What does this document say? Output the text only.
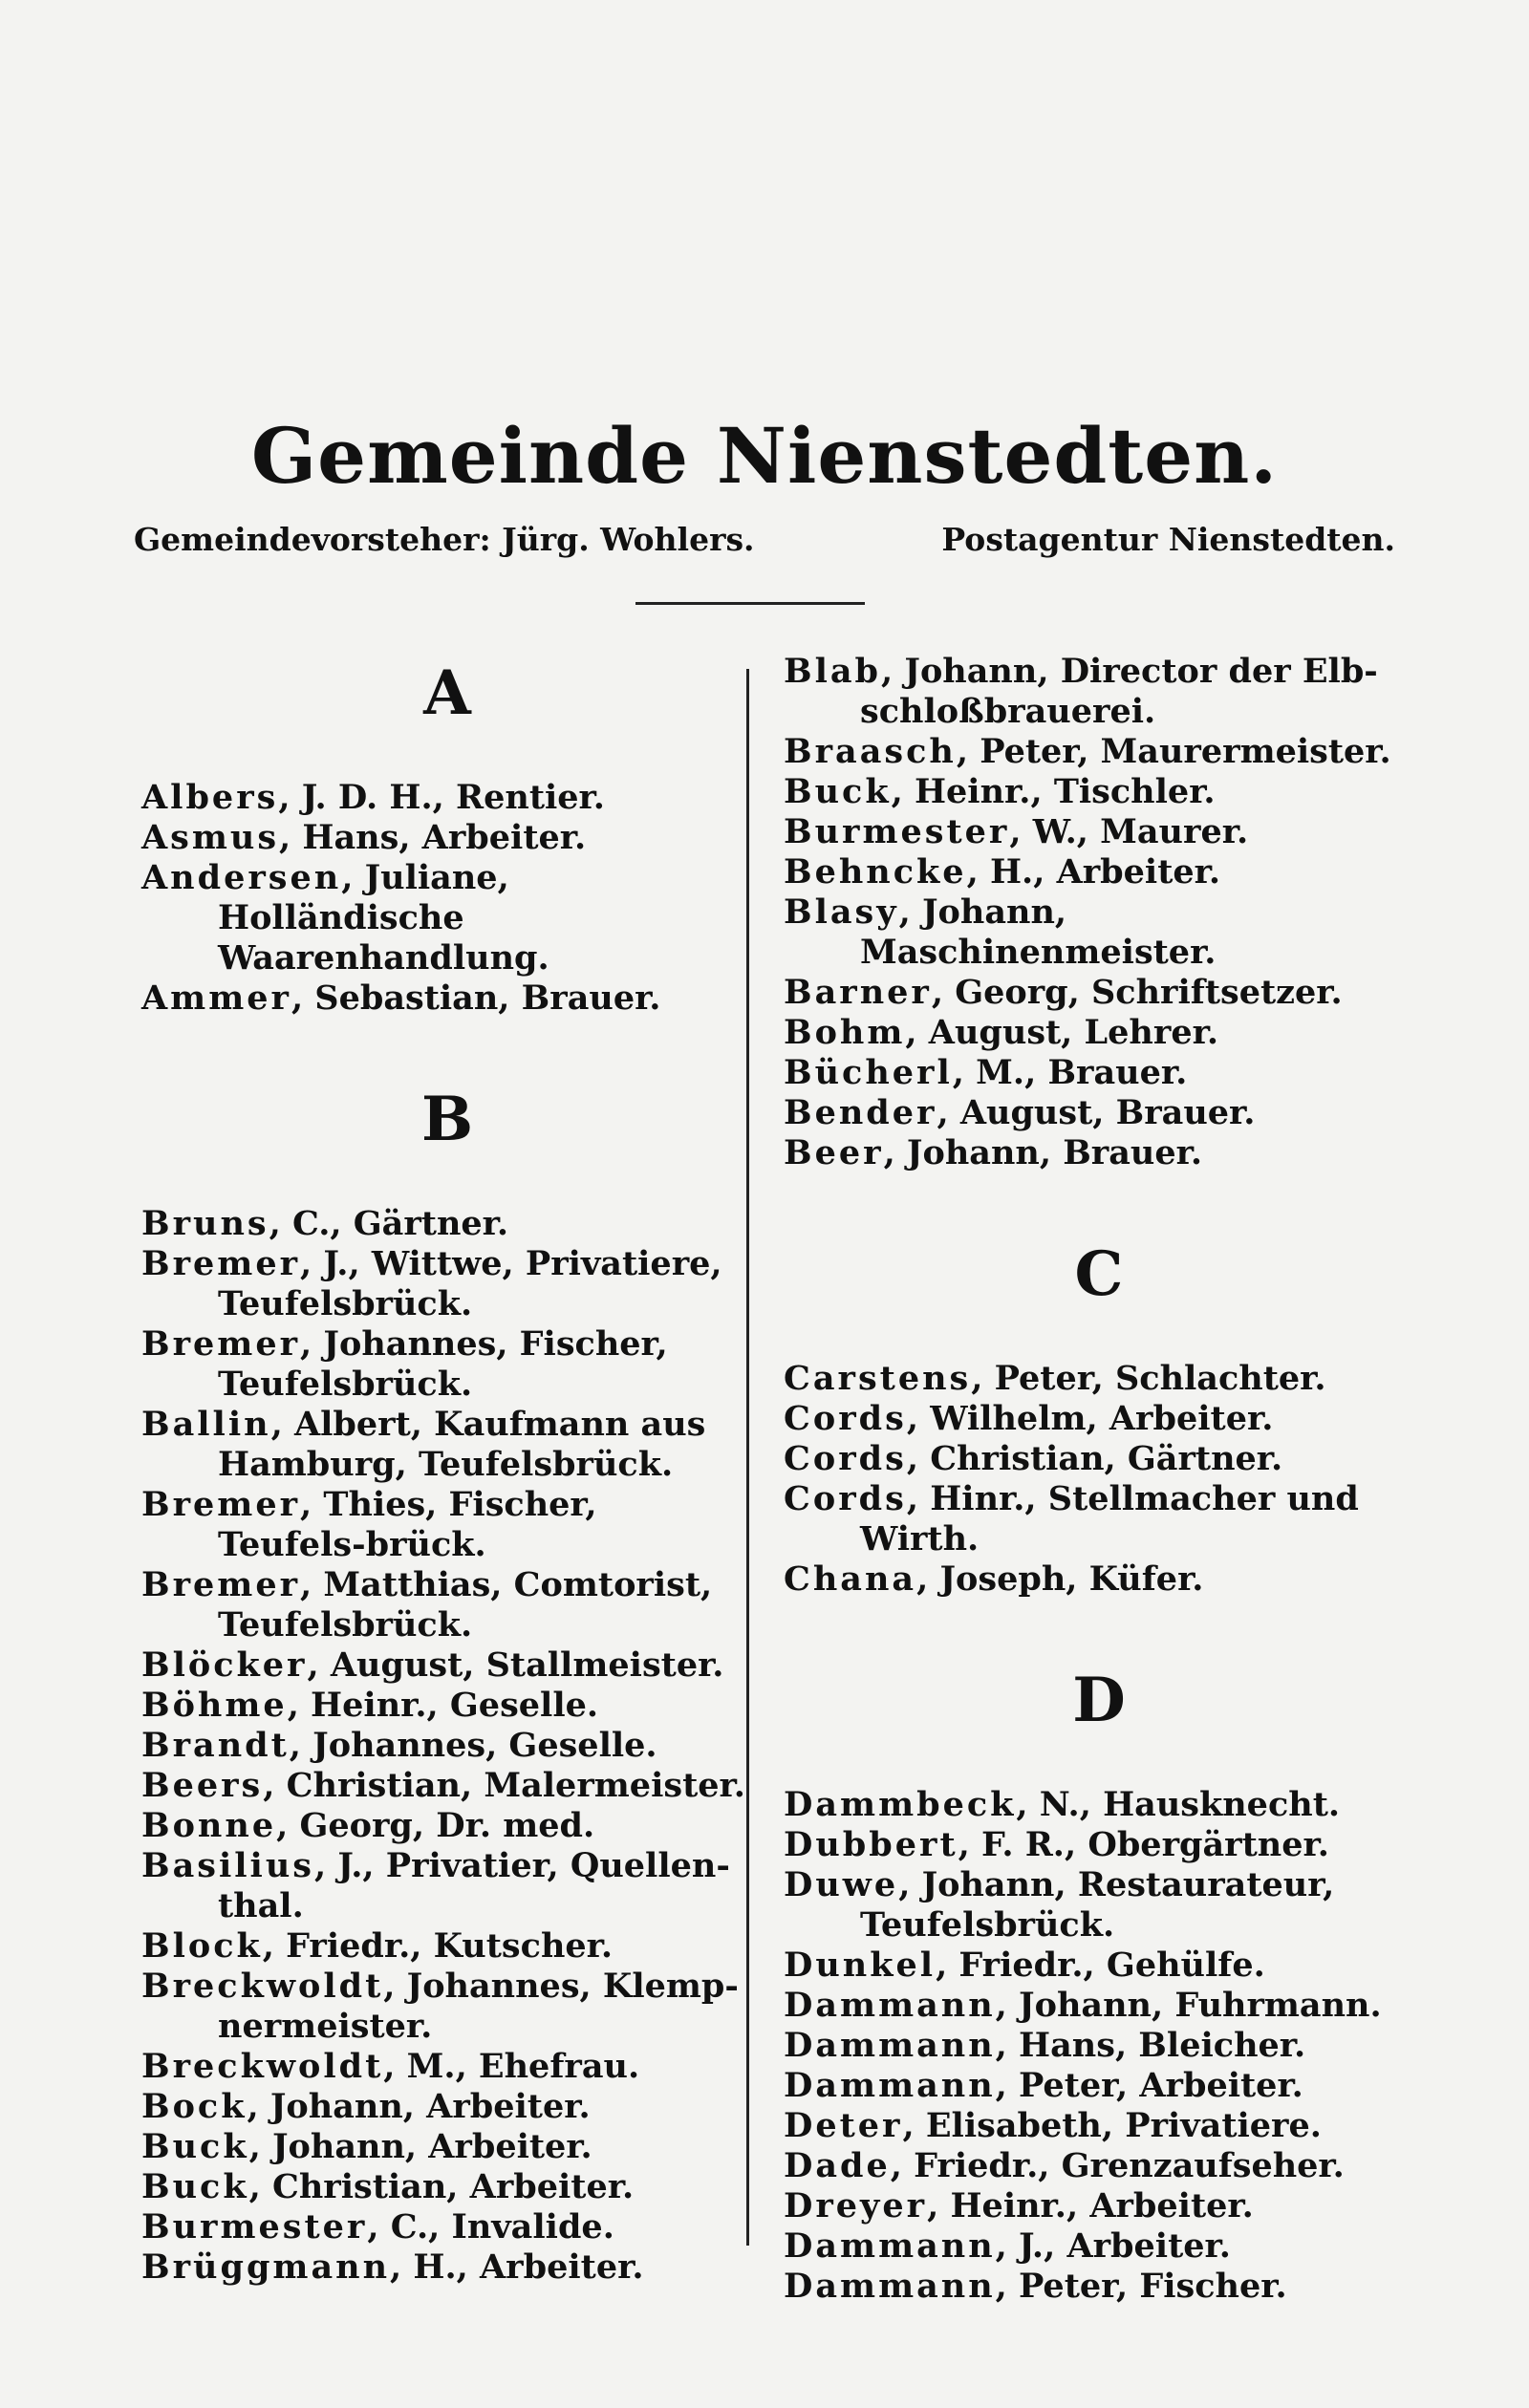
Gemeinde Nienstedten.
Gemeindevorsteher: Jürg. Wohlers.	Postagentur Nienstedten.
A
Albers, J. D. H., Rentier.
Asmus, Hans, Arbeiter.
Andersen, Juliane, Holländische Waarenhandlung.
Ammer, Sebastian, Brauer.
B
Bruns, C., Gärtner.
Bremer, J., Wittwe, Privatiere, Teufelsbrück.
Bremer, Johannes, Fischer, Teufelsbrück.
Ballin, Albert, Kaufmann aus Hamburg, Teufelsbrück.
Bremer, Thies, Fischer, Teufels-brück.
Bremer, Matthias, Comtorist, Teufelsbrück.
Blöcker, August, Stallmeister.
Böhme, Heinr., Geselle.
Brandt, Johannes, Geselle.
Beers, Christian, Malermeister.
Bonne, Georg, Dr. med.
Basilius, J., Privatier, Quellen-thal.
Block, Friedr., Kutscher.
Breckwoldt, Johannes, Klemp-nermeister.
Breckwoldt, M., Ehefrau.
Bock, Johann, Arbeiter.
Buck, Johann, Arbeiter.
Buck, Christian, Arbeiter.
Burmester, C., Invalide.
Brüggmann, H., Arbeiter.
Blab, Johann, Director der Elb-schloßbrauerei.
Braasch, Peter, Maurermeister.
Buck, Heinr., Tischler.
Burmester, W., Maurer.
Behncke, H., Arbeiter.
Blasy, Johann, Maschinenmeister.
Barner, Georg, Schriftsetzer.
Bohm, August, Lehrer.
Bücherl, M., Brauer.
Bender, August, Brauer.
Beer, Johann, Brauer.
C
Carstens, Peter, Schlachter.
Cords, Wilhelm, Arbeiter.
Cords, Christian, Gärtner.
Cords, Hinr., Stellmacher und Wirth.
Chana, Joseph, Küfer.
D
Dammbeck, N., Hausknecht.
Dubbert, F. R., Obergärtner.
Duwe, Johann, Restaurateur, Teufelsbrück.
Dunkel, Friedr., Gehülfe.
Dammann, Johann, Fuhrmann.
Dammann, Hans, Bleicher.
Dammann, Peter, Arbeiter.
Deter, Elisabeth, Privatiere.
Dade, Friedr., Grenzaufseher.
Dreyer, Heinr., Arbeiter.
Dammann, J., Arbeiter.
Dammann, Peter, Fischer.
